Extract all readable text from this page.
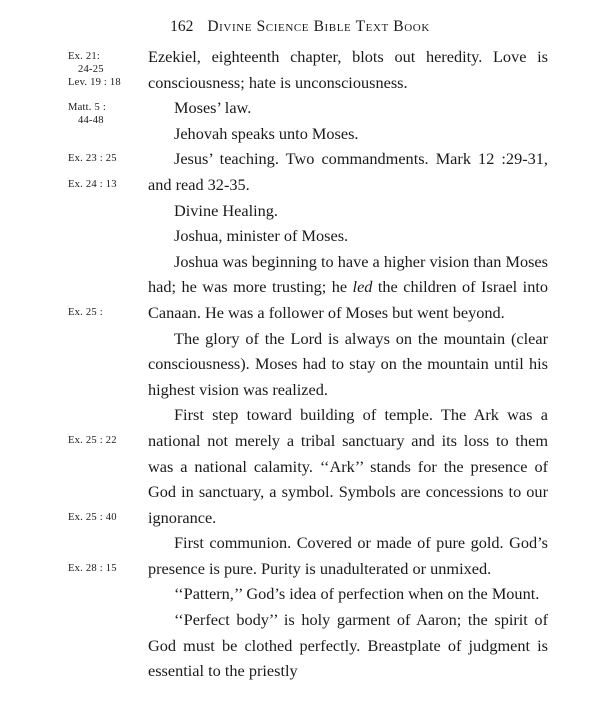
162 Divine Science Bible Text Book
Ex. 21:
24-25
Lev. 19 : 18
Matt. 5 :
44-48
Ex. 23 : 25
Ex. 24 : 13
Ex. 25 :
Ex. 25 : 22
Ex. 25 : 40
Ex. 28 : 15

Ezekiel, eighteenth chapter, blots out heredity. Love is consciousness; hate is unconsciousness.

Moses’ law.

Jehovah speaks unto Moses.

Jesus’ teaching. Two commandments. Mark 12 :29-31, and read 32-35.

Divine Healing.

Joshua, minister of Moses.

Joshua was beginning to have a higher vision than Moses had; he was more trusting; he led the children of Israel into Canaan. He was a follower of Moses but went beyond.

The glory of the Lord is always on the mountain (clear consciousness). Moses had to stay on the mountain until his highest vision was realized.

First step toward building of temple. The Ark was a national not merely a tribal sanctuary and its loss to them was a national calamity. ‘‘Ark’’ stands for the presence of God in sanctuary, a symbol. Symbols are concessions to our ignorance.

First communion. Covered or made of pure gold. God’s presence is pure. Purity is unadulterated or unmixed.

‘‘Pattern,’’ God’s idea of perfection when on the Mount.

‘‘Perfect body’’ is holy garment of Aaron; the spirit of God must be clothed perfectly. Breastplate of judgment is essential to the priestly
